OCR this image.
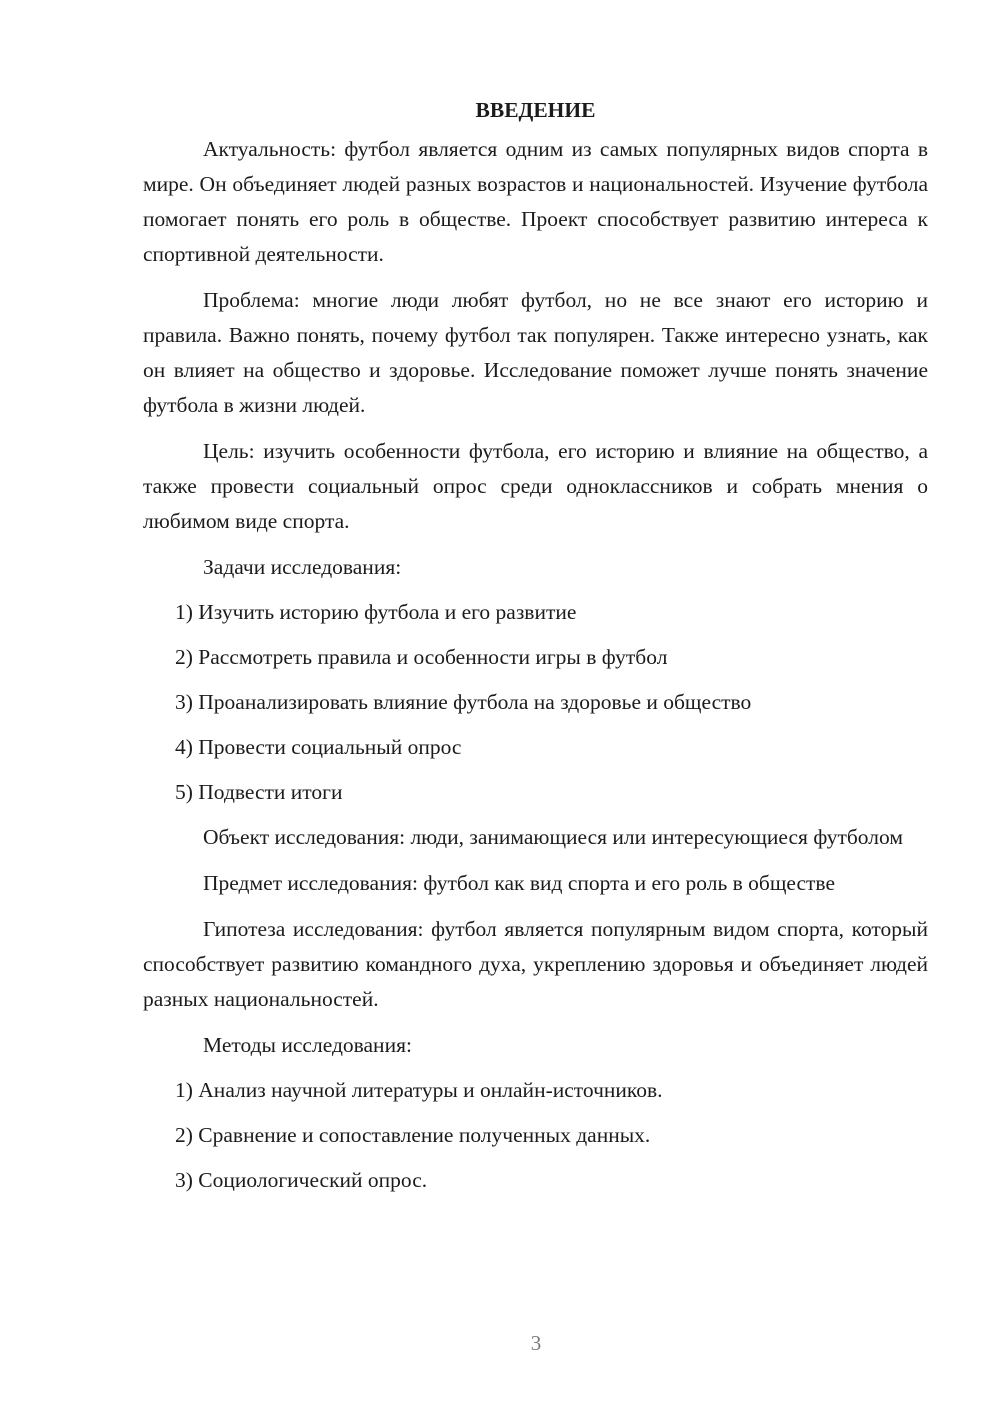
ВВЕДЕНИЕ

Актуальность: футбол является одним из самых популярных видов спорта в мире. Он объединяет людей разных возрастов и национальностей. Изучение футбола помогает понять его роль в обществе. Проект способствует развитию интереса к спортивной деятельности.

Проблема: многие люди любят футбол, но не все знают его историю и правила. Важно понять, почему футбол так популярен. Также интересно узнать, как он влияет на общество и здоровье. Исследование поможет лучше понять значение футбола в жизни людей.

Цель: изучить особенности футбола, его историю и влияние на общество, а также провести социальный опрос среди одноклассников и собрать мнения о любимом виде спорта.

Задачи исследования:

1) Изучить историю футбола и его развитие
2) Рассмотреть правила и особенности игры в футбол
3) Проанализировать влияние футбола на здоровье и общество
4) Провести социальный опрос
5) Подвести итоги

Объект исследования: люди, занимающиеся или интересующиеся футболом

Предмет исследования: футбол как вид спорта и его роль в обществе

Гипотеза исследования: футбол является популярным видом спорта, который способствует развитию командного духа, укреплению здоровья и объединяет людей разных национальностей.

Методы исследования:

1) Анализ научной литературы и онлайн-источников.
2) Сравнение и сопоставление полученных данных.
3) Социологический опрос.
3
